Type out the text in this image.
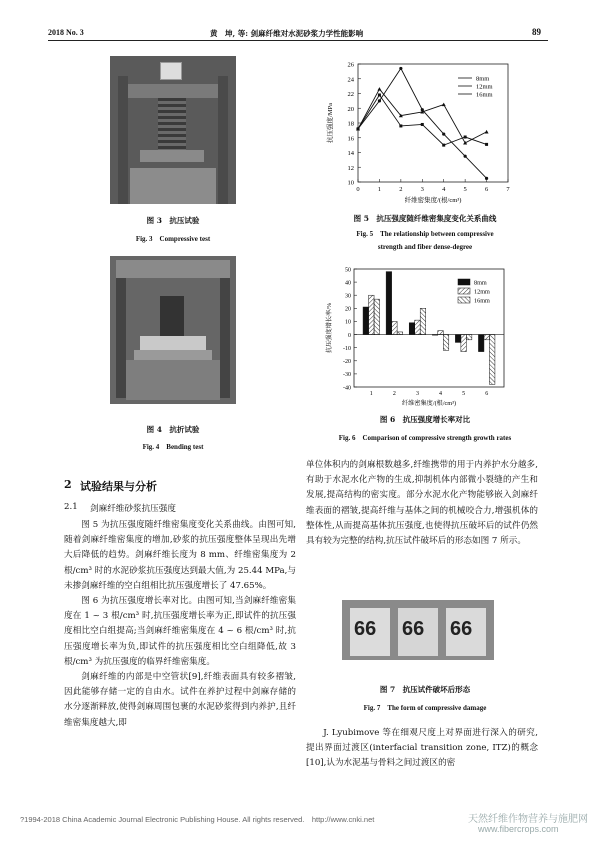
2018 No. 3	黄　坤, 等: 剑麻纤维对水泥砂浆力学性能影响	89
图 3　抗压试验
Fig. 3　Compressive test
图 4　抗折试验
Fig. 4　Bending test
10
12
14
16
18
20
22
24
26
0	1	2	3	4	5	6	7
纤维密集度/(根/cm³)
抗压强度/MPa
8mm
12mm
16mm
图 5　抗压强度随纤维密集度变化关系曲线
Fig. 5　The relationship between compressive
strength and fiber dense-degree
-40
-30
-20
-10
0
10
20
30
40
50
1	2	3	4	5	6
纤维密集度/(根/cm³)
抗压强度增长率/%
8mm
12mm
16mm
图 6　抗压强度增长率对比
Fig. 6　Comparison of compressive strength growth rates
2 试验结果与分析
2.1 剑麻纤维砂浆抗压强度

图 5 为抗压强度随纤维密集度变化关系曲线。由图可知,随着剑麻纤维密集度的增加,砂浆的抗压强度整体呈现出先增大后降低的趋势。剑麻纤维长度为 8 mm、纤维密集度为 2 根/cm³ 时的水泥砂浆抗压强度达到最大值,为 25.44 MPa,与未掺剑麻纤维的空白组相比抗压强度增长了 47.65%。

图 6 为抗压强度增长率对比。由图可知,当剑麻纤维密集度在 1 ~ 3 根/cm³ 时,抗压强度增长率为正,即试件的抗压强度相比空白组提高;当剑麻纤维密集度在 4 ~ 6 根/cm³ 时,抗压强度增长率为负,即试件的抗压强度相比空白组降低,故 3 根/cm³ 为抗压强度的临界纤维密集度。

剑麻纤维的内部是中空管状[9],纤维表面具有较多褶皱,因此能够存储一定的自由水。试件在养护过程中剑麻存储的水分逐渐释放,使得剑麻周围包裹的水泥砂浆得到内养护,且纤维密集度越大,即

单位体积内的剑麻根数越多,纤维携带的用于内养护水分越多,有助于水泥水化产物的生成,抑制机体内部微小裂缝的产生和发展,提高结构的密实度。部分水泥水化产物能够嵌入剑麻纤维表面的褶皱,提高纤维与基体之间的机械咬合力,增强机体的整体性,从而提高基体抗压强度,也使得抗压破坏后的试件仍然具有较为完整的结构,抗压试件破坏后的形态如图 7 所示。

66 66 66
图 7　抗压试件破坏后形态
Fig. 7　The form of compressive damage

J. Lyubimove 等在细观尺度上对界面进行深入的研究,提出界面过渡区(interfacial transition zone, ITZ)的概念[10],认为水泥基与骨料之间过渡区的密

?1994-2018 China Academic Journal Electronic Publishing House. All rights reserved.　http://www.cnki.net	天然纤维作物营养与施肥网
www.fibercrops.com
